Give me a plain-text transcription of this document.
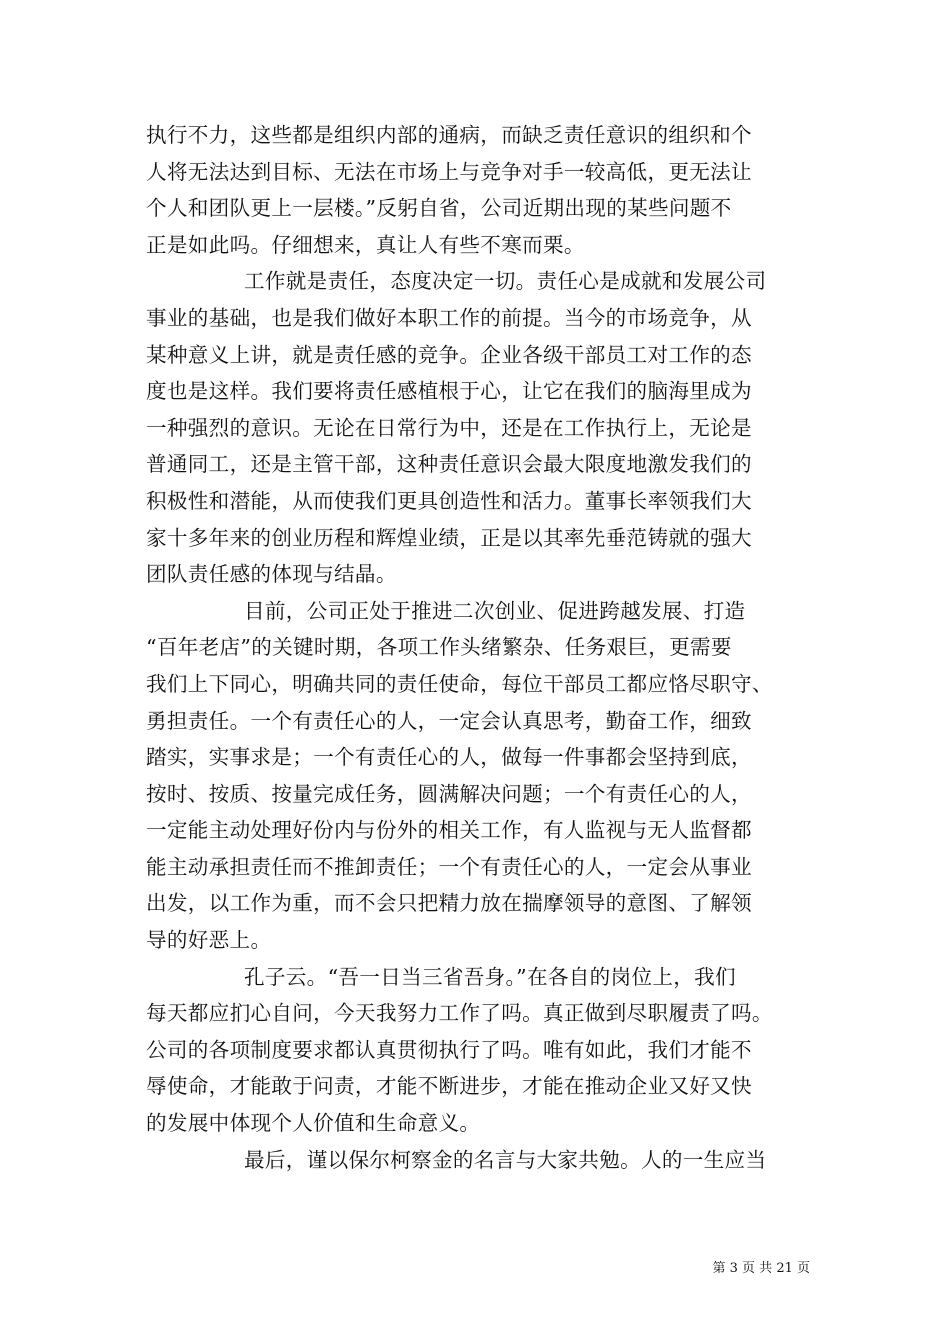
执行不力，这些都是组织内部的通病，而缺乏责任意识的组织和个
人将无法达到目标、无法在市场上与竞争对手一较高低，更无法让
个人和团队更上一层楼。”反躬自省，公司近期出现的某些问题不
正是如此吗。仔细想来，真让人有些不寒而栗。
工作就是责任，态度决定一切。责任心是成就和发展公司
事业的基础，也是我们做好本职工作的前提。当今的市场竞争，从
某种意义上讲，就是责任感的竞争。企业各级干部员工对工作的态
度也是这样。我们要将责任感植根于心，让它在我们的脑海里成为
一种强烈的意识。无论在日常行为中，还是在工作执行上，无论是
普通同工，还是主管干部，这种责任意识会最大限度地激发我们的
积极性和潜能，从而使我们更具创造性和活力。董事长率领我们大
家十多年来的创业历程和辉煌业绩，正是以其率先垂范铸就的强大
团队责任感的体现与结晶。
目前，公司正处于推进二次创业、促进跨越发展、打造
“百年老店”的关键时期，各项工作头绪繁杂、任务艰巨，更需要
我们上下同心，明确共同的责任使命，每位干部员工都应恪尽职守、
勇担责任。一个有责任心的人，一定会认真思考，勤奋工作，细致
踏实，实事求是；一个有责任心的人，做每一件事都会坚持到底，
按时、按质、按量完成任务，圆满解决问题；一个有责任心的人，
一定能主动处理好份内与份外的相关工作，有人监视与无人监督都
能主动承担责任而不推卸责任；一个有责任心的人，一定会从事业
出发，以工作为重，而不会只把精力放在揣摩领导的意图、了解领
导的好恶上。
孔子云。“吾一日当三省吾身。”在各自的岗位上，我们
每天都应扪心自问，今天我努力工作了吗。真正做到尽职履责了吗。
公司的各项制度要求都认真贯彻执行了吗。唯有如此，我们才能不
辱使命，才能敢于问责，才能不断进步，才能在推动企业又好又快
的发展中体现个人价值和生命意义。
最后，谨以保尔柯察金的名言与大家共勉。人的一生应当
第 3 页 共 21 页
